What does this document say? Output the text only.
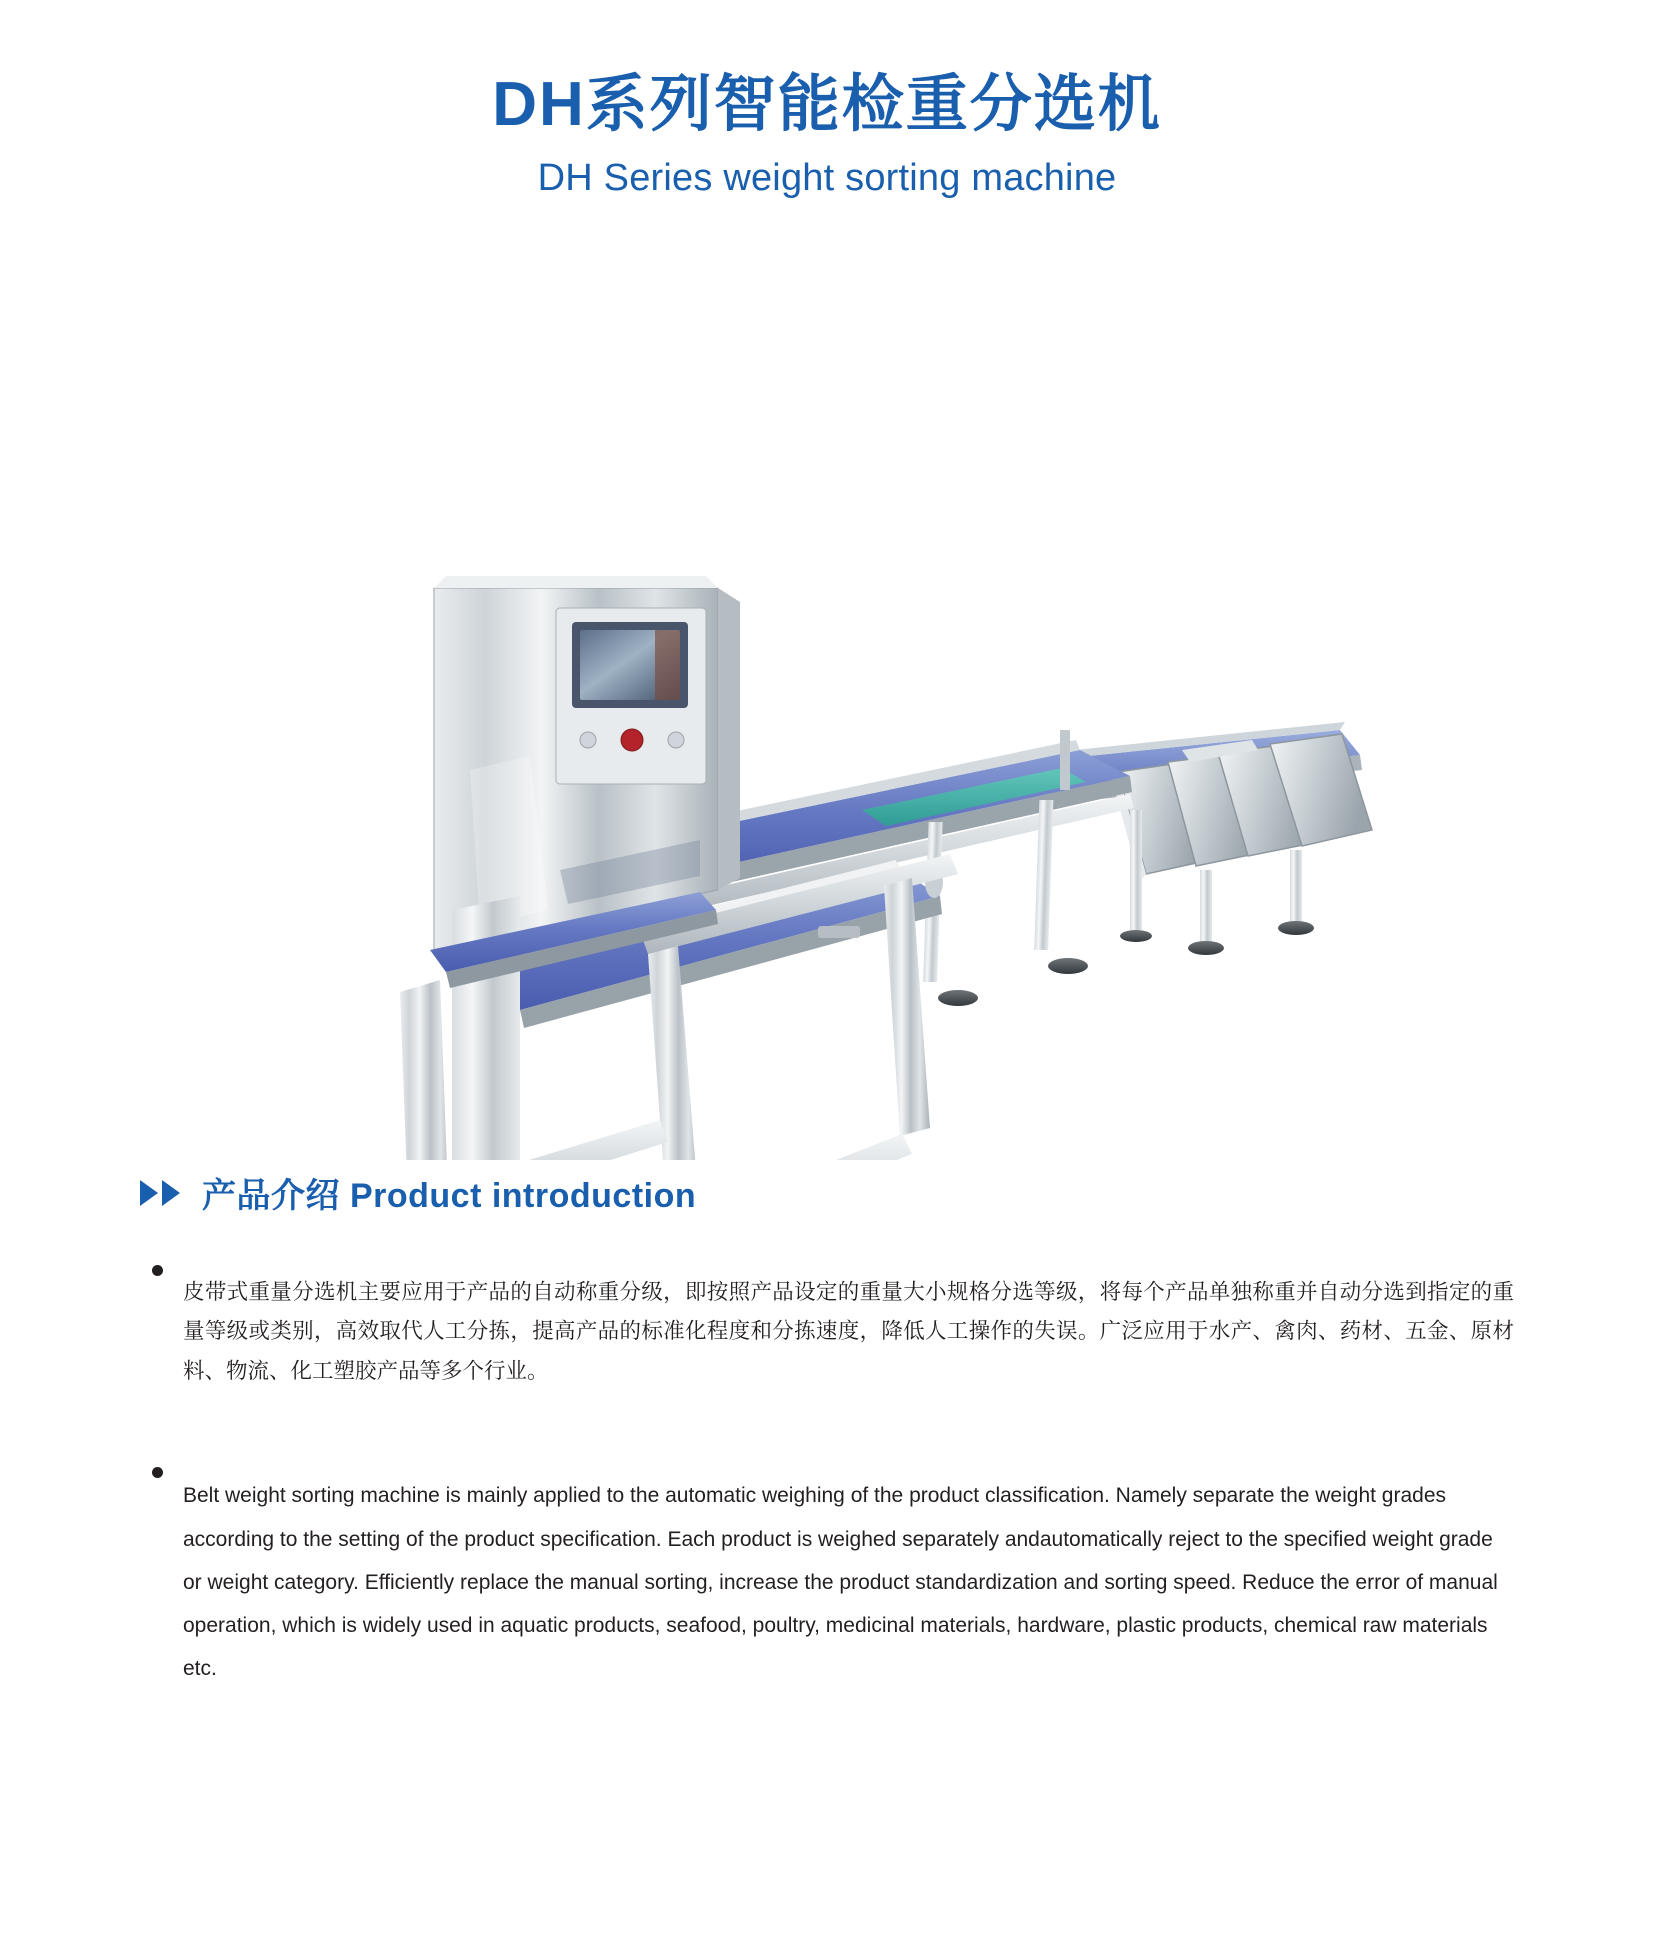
DH系列智能检重分选机
DH Series weight sorting machine
产品介绍 Product introduction

皮带式重量分选机主要应用于产品的自动称重分级，即按照产品设定的重量大小规格分选等级，将每个产品单独称重并自动分选到指定的重量等级或类别，高效取代人工分拣，提高产品的标准化程度和分拣速度，降低人工操作的失误。广泛应用于水产、禽肉、药材、五金、原材料、物流、化工塑胶产品等多个行业。

Belt weight sorting machine is mainly applied to the automatic weighing of the product classification. Namely separate the weight grades according to the setting of the product specification. Each product is weighed separately andautomatically reject to the specified weight grade or weight category. Efficiently replace the manual sorting, increase the product standardization and sorting speed. Reduce the error of manual operation, which is widely used in aquatic products, seafood, poultry, medicinal materials, hardware, plastic products, chemical raw materials etc.
